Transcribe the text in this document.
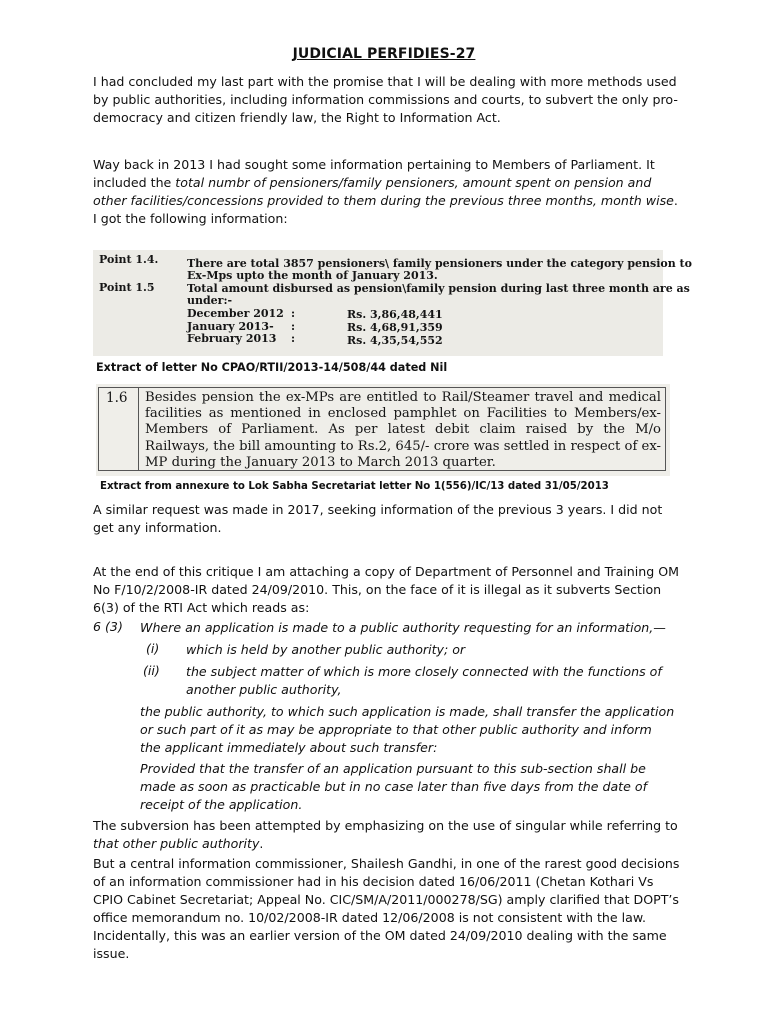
JUDICIAL PERFIDIES-27
I had concluded my last part with the promise that I will be dealing with more methods used by public authorities, including information commissions and courts, to subvert the only pro- democracy and citizen friendly law, the Right to Information Act.
Way back in 2013 I had sought some information pertaining to Members of Parliament. It included the total numbr of pensioners/family pensioners, amount spent on pension and other facilities/concessions provided to them during the previous three months, month wise. I got the following information:
Point 1.4.	There are total 3857 pensioners\ family pensioners under the category pension to
Ex-Mps upto the month of January 2013.
Point 1.5	Total amount disbursed as pension\family pension during last three month are as
under:-
December 2012 :	Rs. 3,86,48,441
January 2013- :	Rs. 4,68,91,359
February 2013 :	Rs. 4,35,54,552
Extract of letter No CPAO/RTII/2013-14/508/44 dated Nil
1.6	Besides pension the ex-MPs are entitled to Rail/Steamer travel and medical facilities as mentioned in enclosed pamphlet on Facilities to Members/ex-Members of Parliament. As per latest debit claim raised by the M/o Railways, the bill amounting to Rs.2, 645/- crore was settled in respect of ex-MP during the January 2013 to March 2013 quarter.
Extract from annexure to Lok Sabha Secretariat letter No 1(556)/IC/13 dated 31/05/2013
A similar request was made in 2017, seeking information of the previous 3 years. I did not get any information.
At the end of this critique I am attaching a copy of Department of Personnel and Training OM No F/10/2/2008-IR dated 24/09/2010. This, on the face of it is illegal as it subverts Section 6(3) of the RTI Act which reads as:
6 (3) Where an application is made to a public authority requesting for an information,—
(i) which is held by another public authority; or
(ii) the subject matter of which is more closely connected with the functions of another public authority,
the public authority, to which such application is made, shall transfer the application or such part of it as may be appropriate to that other public authority and inform the applicant immediately about such transfer:
Provided that the transfer of an application pursuant to this sub-section shall be made as soon as practicable but in no case later than five days from the date of receipt of the application.
The subversion has been attempted by emphasizing on the use of singular while referring to that other public authority.
But a central information commissioner, Shailesh Gandhi, in one of the rarest good decisions of an information commissioner had in his decision dated 16/06/2011 (Chetan Kothari Vs CPIO Cabinet Secretariat; Appeal No. CIC/SM/A/2011/000278/SG) amply clarified that DOPT’s office memorandum no. 10/02/2008-IR dated 12/06/2008 is not consistent with the law. Incidentally, this was an earlier version of the OM dated 24/09/2010 dealing with the same issue.
